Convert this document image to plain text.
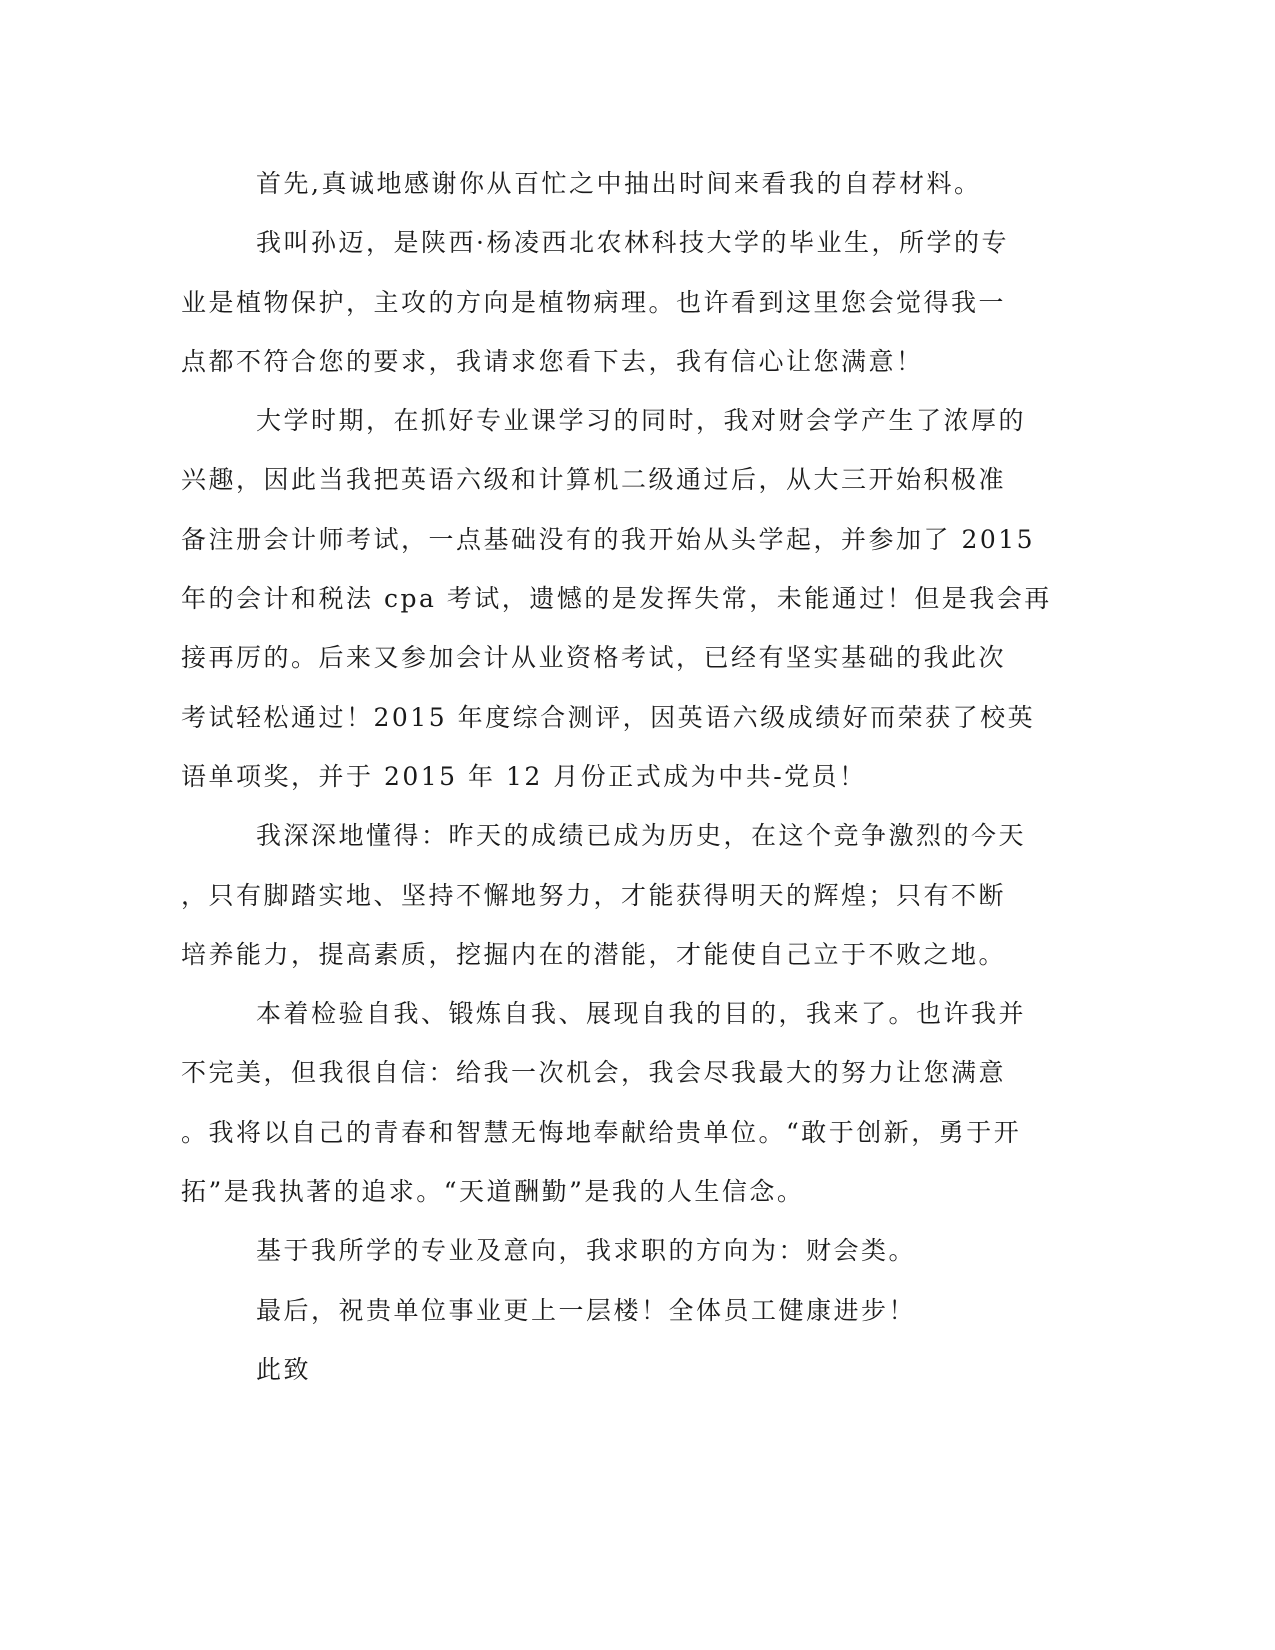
首先,真诚地感谢你从百忙之中抽出时间来看我的自荐材料。

我叫孙迈，是陕西·杨凌西北农林科技大学的毕业生，所学的专
业是植物保护，主攻的方向是植物病理。也许看到这里您会觉得我一
点都不符合您的要求，我请求您看下去，我有信心让您满意！

大学时期，在抓好专业课学习的同时，我对财会学产生了浓厚的
兴趣，因此当我把英语六级和计算机二级通过后，从大三开始积极准
备注册会计师考试，一点基础没有的我开始从头学起，并参加了 2015
年的会计和税法 cpa 考试，遗憾的是发挥失常，未能通过！但是我会再
接再厉的。后来又参加会计从业资格考试，已经有坚实基础的我此次
考试轻松通过！2015 年度综合测评，因英语六级成绩好而荣获了校英
语单项奖，并于 2015 年 12 月份正式成为中共-党员！

我深深地懂得：昨天的成绩已成为历史，在这个竞争激烈的今天
，只有脚踏实地、坚持不懈地努力，才能获得明天的辉煌；只有不断
培养能力，提高素质，挖掘内在的潜能，才能使自己立于不败之地。

本着检验自我、锻炼自我、展现自我的目的，我来了。也许我并
不完美，但我很自信：给我一次机会，我会尽我最大的努力让您满意
。我将以自己的青春和智慧无悔地奉献给贵单位。“敢于创新，勇于开
拓”是我执著的追求。“天道酬勤”是我的人生信念。

基于我所学的专业及意向，我求职的方向为：财会类。

最后，祝贵单位事业更上一层楼！全体员工健康进步！

此致
